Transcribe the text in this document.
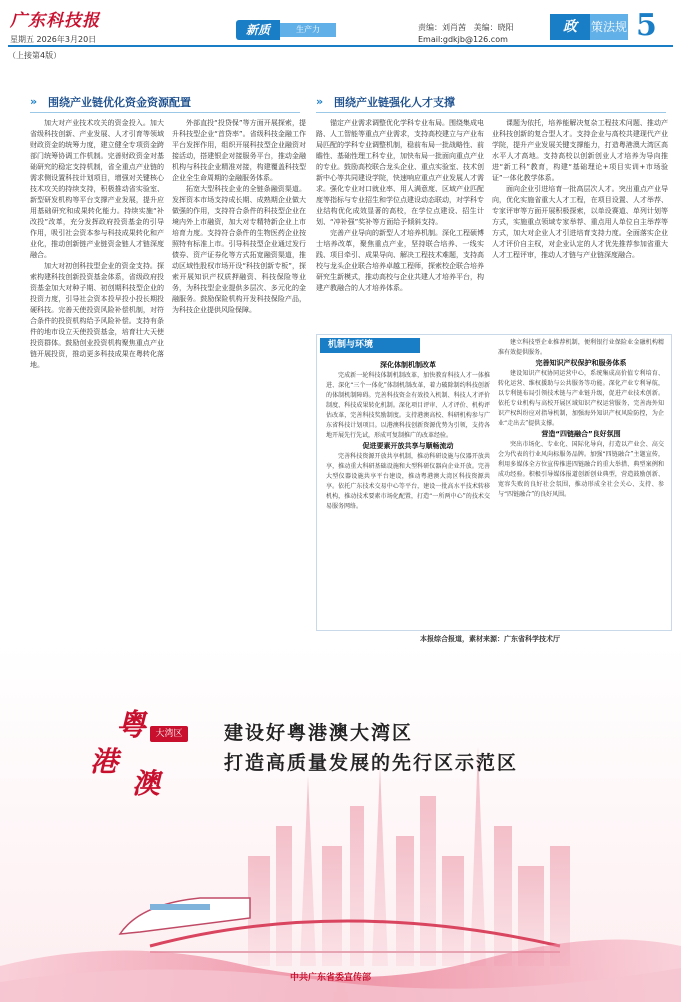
广东科技报
星期五 2026年3月20日
新质	生产力	责编：刘肖茜 美编：晓阳
Email:gdkjb@126.com
政	策法规 5
（上接第4版）
» 围绕产业链优化资金资源配置	» 围绕产业链强化人才支撑

加大对产业技术攻关的资金投入。加大省级科技创新、产业发展、人才引育等领域财政资金的统筹力度，建立健全专项资金跨部门统筹协调工作机制。完善财政资金对基础研究的稳定支持机制，省全重点产业链的需求侧设置科技计划项目，增强对关键核心技术攻关的持续支持，积极推动省实验室、新型研发机构等平台支撑产业发展，提升应用基础研究和成果转化能力。持续实施“补改投”改革，充分发挥政府投资基金的引导作用，吸引社会资本参与科技成果转化和产业化，推动创新链产业链资金链人才链深度融合。

加大对初创科技型企业的资金支持。探索构建科技创新投资基金体系，省级政府投资基金加大对种子期、初创期科技型企业的投资力度，引导社会资本投早投小投长期投硬科技。完善天使投资风险补偿机制，对符合条件的投资机构给予风险补偿。支持有条件的地市设立天使投资基金，培育壮大天使投资群体。鼓励创业投资机构聚焦重点产业链开展投资，推动更多科技成果在粤转化落地。

外部直投“投贷保”等方面开展探索，提升科技型企业“首贷率”。省级科技金融工作平台发挥作用，组织开展科技型企业融资对接活动，搭建银企对接服务平台，推动金融机构与科技企业精准对接，构建覆盖科技型企业全生命周期的金融服务体系。

拓宽大型科技企业的全链条融资渠道。发挥资本市场支持成长期、成熟期企业做大做强的作用，支持符合条件的科技型企业在境内外上市融资，加大对专精特新企业上市培育力度。支持符合条件的生物医药企业按照特有标准上市。引导科技型企业通过发行债券、资产证券化等方式拓宽融资渠道，推动区域性股权市场开设“科技创新专板”，探索开展知识产权质押融资、科技保险等业务，为科技型企业提供多层次、多元化的金融服务。鼓励保险机构开发科技保险产品，为科技企业提供风险保障。

锚定产业需求调整优化学科专业布局。围绕集成电路、人工智能等重点产业需求，支持高校建立与产业布局匹配的学科专业调整机制，稳前布局一批战略性、前瞻性、基础性理工科专业，加快布局一批面向重点产业的专业。鼓励高校联合龙头企业、重点实验室、技术创新中心等共同建设学院，快速响应重点产业发展人才需求。强化专业对口就业率、用人满意度、区域产业匹配度等指标与专业招生和学位点建设动态联动，对学科专业结构优化成效显著的高校，在学位点建设、招生计划、“冲补强”奖补等方面给予倾斜支持。

完善产业导向的新型人才培养机制。深化工程硕博士培养改革，聚焦重点产业，坚持联合培养、一线实践、项目牵引、成果导向、解决工程技术难题，支持高校与龙头企业联合培养卓越工程师，探索校企联合培养研究生新模式，推动高校与企业共建人才培养平台，构建产教融合的人才培养体系。

课题为依托，培养能解决复杂工程技术问题、推动产业科技创新的复合型人才。支持企业与高校共建现代产业学院，提升产业发展关键支撑能力，打造粤港澳大湾区高水平人才高地。支持高校以创新创业人才培养为导向推进“新工科”教育，构建“基础理论+项目实训+市场验证”一体化教学体系。

面向企业引进培育一批高层次人才。突出重点产业导向，优化实施省重大人才工程，在项目设置、人才举荐、专家评审等方面开展积极探索，以单设赛道、单列计划等方式，实施重点领域专家举荐、重点用人单位自主举荐等方式，加大对企业人才引进培育支持力度。全面落实企业人才评价自主权，对企业认定的人才优先推荐参加省重大人才工程评审，推动人才链与产业链深度融合。

机制与环境
深化体制机制改革

完成新一轮科技体制机制改革，加快教育科技人才一体推进、深化“三个一体化”体制机制改革，着力破除制约科技创新的体制机制障碍。完善科技资金有效投入机制、科技人才评价制度、科技成果转化机制。深化项目评审、人才评价、机构评估改革，完善科技奖励制度。支持港澳高校、科研机构参与广东省科技计划项目。以港澳科技创新资源优势为引领，支持各地开展先行先试，形成可复制推广的改革经验。

促进要素开放共享与顺畅流动

完善科技资源开放共享机制，推动科研设施与仪器开放共享，推动重大科研基础设施和大型科研仪器向企业开放。完善大型仪器设施共享平台建设，推动粤港澳大湾区科技资源共享。依托广东技术交易中心等平台，建设一批高水平技术转移机构，推动技术要素市场化配置，打造“一所两中心”的技术交易服务网络。

建立科技型企业推荐机制，便利银行业保险业金融机构精准有效提供服务。

完善知识产权保护和服务体系

建设知识产权协同运营中心，系统集成高价值专利培育、转化运营、维权援助与公共服务等功能。深化产业专利导航，以专利链布局引领技术链与产业链升级，促进产业技术创新。依托专业机构与高校开展区域知识产权运营服务，完善海外知识产权纠纷应对指导机制，加强海外知识产权风险防控，为企业“走出去”提供支撑。

营造“四链融合”良好氛围

突出市场化、专业化、国际化导向，打造以产业会、高交会为代表的行业风向标服务品牌。加强“四链融合”主题宣传，利用多媒体全方位宣传推进四链融合的重大举措、典型案例和成功经验。积极引导媒体报道创新创业典型，营造鼓励创新、宽容失败的良好社会氛围，推动形成全社会关心、支持、参与“四链融合”的良好风围。

本报综合报道，素材来源：广东省科学技术厅
粤
港
澳
大湾区 建设好粤港澳大湾区
打造高质量发展的先行区示范区
中共广东省委宣传部
